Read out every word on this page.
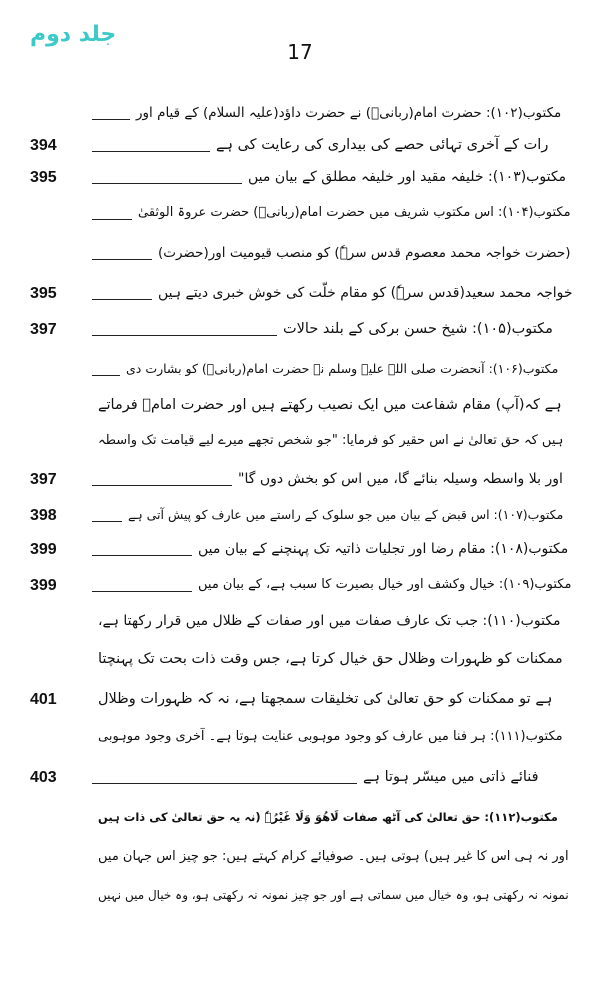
جلد دوم
17
مکتوب(۱۰۲): حضرت امام(ربانیؒ) نے حضرت داؤد(علیہ السلام) کے قیام اور
394	رات کے آخری تہائی حصے کی بیداری کی رعایت کی ہے
395	مکتوب(۱۰۳): خلیفہ مقید اور خلیفہ مطلق کے بیان میں
مکتوب(۱۰۴): اس مکتوب شریف میں حضرت امام(ربانیؒ) حضرت عروۃ الوثقیٰ
(حضرت خواجہ محمد معصوم قدس سرہٗ) کو منصب قیومیت اور(حضرت)
395	خواجہ محمد سعید(قدس سرہٗ) کو مقام خلّت کی خوش خبری دیتے ہیں
397	مکتوب(۱۰۵): شیخ حسن برکی کے بلند حالات
مکتوب(۱۰۶): آنحضرت صلی اللہ علیہ وسلم نے حضرت امام(ربانیؒ) کو بشارت دی
ہے کہ(آپ) مقام شفاعت میں ایک نصیب رکھتے ہیں اور حضرت امامؒ فرماتے
ہیں کہ حق تعالیٰ نے اس حقیر کو فرمایا: "جو شخص تجھے میرے لیے قیامت تک واسطہ
397	اور بلا واسطہ وسیلہ بنائے گا، میں اس کو بخش دوں گا"
398	مکتوب(۱۰۷): اس قبض کے بیان میں جو سلوک کے راستے میں عارف کو پیش آتی ہے
399	مکتوب(۱۰۸): مقام رضا اور تجلیات ذاتیہ تک پہنچنے کے بیان میں
399	مکتوب(۱۰۹): خیال وکشف اور خیال بصیرت کا سبب ہے، کے بیان میں
مکتوب(۱۱۰): جب تک عارف صفات میں اور صفات کے ظلال میں قرار رکھتا ہے،
ممکنات کو ظہورات وظلال حق خیال کرتا ہے، جس وقت ذات بحت تک پہنچتا
401	ہے تو ممکنات کو حق تعالیٰ کی تخلیقات سمجھتا ہے، نہ کہ ظہورات وظلال
مکتوب(۱۱۱): ہر فنا میں عارف کو وجود موہوبی عنایت ہوتا ہے۔ آخری وجود موہوبی
403	فنائے ذاتی میں میسّر ہوتا ہے
مکتوب(۱۱۲): حق تعالیٰ کی آٹھ صفات لَاھُوَ وَلَا غَیْرُہٗ (نہ یہ حق تعالیٰ کی ذات ہیں
اور نہ ہی اس کا غیر ہیں) ہوتی ہیں۔ صوفیائے کرام کہتے ہیں: جو چیز اس جہان میں
نمونہ نہ رکھتی ہو، وہ خیال میں سماتی ہے اور جو چیز نمونہ نہ رکھتی ہو، وہ خیال میں نہیں
